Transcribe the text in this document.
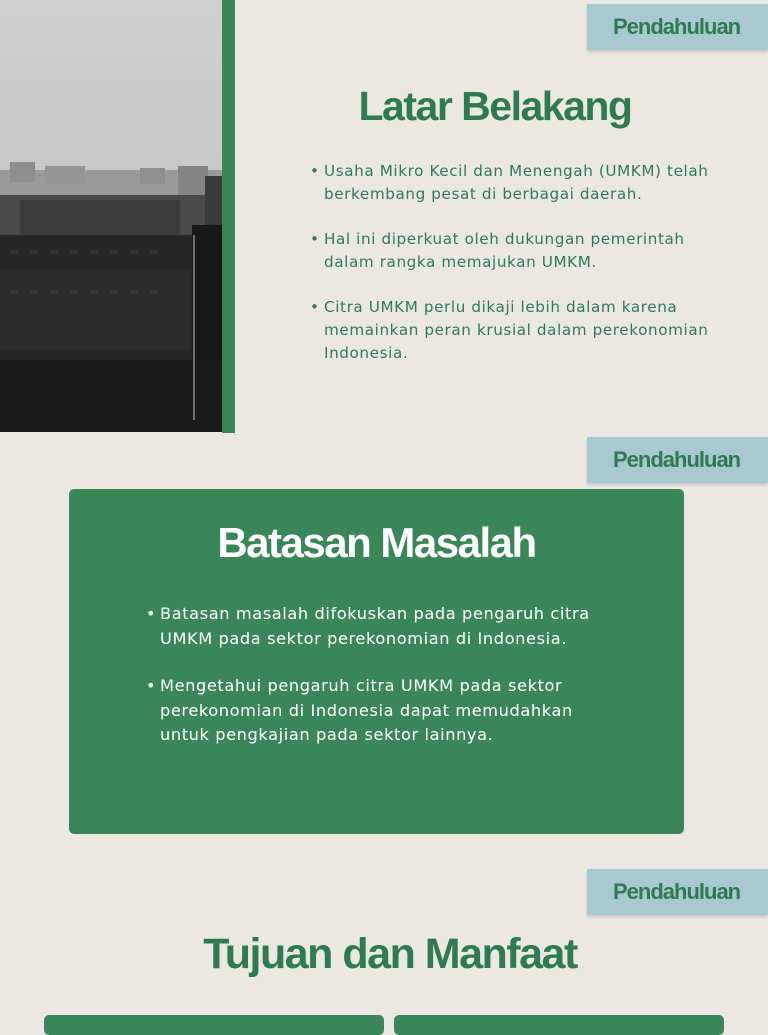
Pendahuluan
Latar Belakang
• Usaha Mikro Kecil dan Menengah (UMKM) telah berkembang pesat di berbagai daerah.
• Hal ini diperkuat oleh dukungan pemerintah dalam rangka memajukan UMKM.
• Citra UMKM perlu dikaji lebih dalam karena memainkan peran krusial dalam perekonomian Indonesia.
Pendahuluan
Batasan Masalah
• Batasan masalah difokuskan pada pengaruh citra UMKM pada sektor perekonomian di Indonesia.
• Mengetahui pengaruh citra UMKM pada sektor perekonomian di Indonesia dapat memudahkan untuk pengkajian pada sektor lainnya.
Pendahuluan
Tujuan dan Manfaat
